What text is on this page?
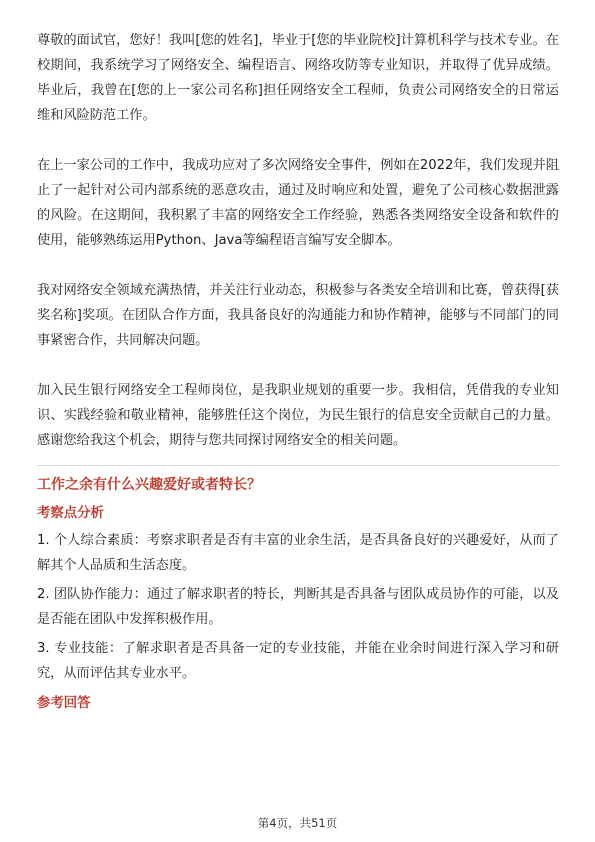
尊敬的面试官，您好！我叫[您的姓名]，毕业于[您的毕业院校]计算机科学与技术专业。在校期间，我系统学习了网络安全、编程语言、网络攻防等专业知识，并取得了优异成绩。毕业后，我曾在[您的上一家公司名称]担任网络安全工程师，负责公司网络安全的日常运维和风险防范工作。

在上一家公司的工作中，我成功应对了多次网络安全事件，例如在2022年，我们发现并阻止了一起针对公司内部系统的恶意攻击，通过及时响应和处置，避免了公司核心数据泄露的风险。在这期间，我积累了丰富的网络安全工作经验，熟悉各类网络安全设备和软件的使用，能够熟练运用Python、Java等编程语言编写安全脚本。

我对网络安全领域充满热情，并关注行业动态，积极参与各类安全培训和比赛，曾获得[获奖名称]奖项。在团队合作方面，我具备良好的沟通能力和协作精神，能够与不同部门的同事紧密合作，共同解决问题。

加入民生银行网络安全工程师岗位，是我职业规划的重要一步。我相信，凭借我的专业知识、实践经验和敬业精神，能够胜任这个岗位，为民生银行的信息安全贡献自己的力量。感谢您给我这个机会，期待与您共同探讨网络安全的相关问题。

工作之余有什么兴趣爱好或者特长？
考察点分析

1. 个人综合素质：考察求职者是否有丰富的业余生活，是否具备良好的兴趣爱好，从而了解其个人品质和生活态度。

2. 团队协作能力：通过了解求职者的特长，判断其是否具备与团队成员协作的可能，以及是否能在团队中发挥积极作用。

3. 专业技能：了解求职者是否具备一定的专业技能，并能在业余时间进行深入学习和研究，从而评估其专业水平。

参考回答
第4页，共51页
